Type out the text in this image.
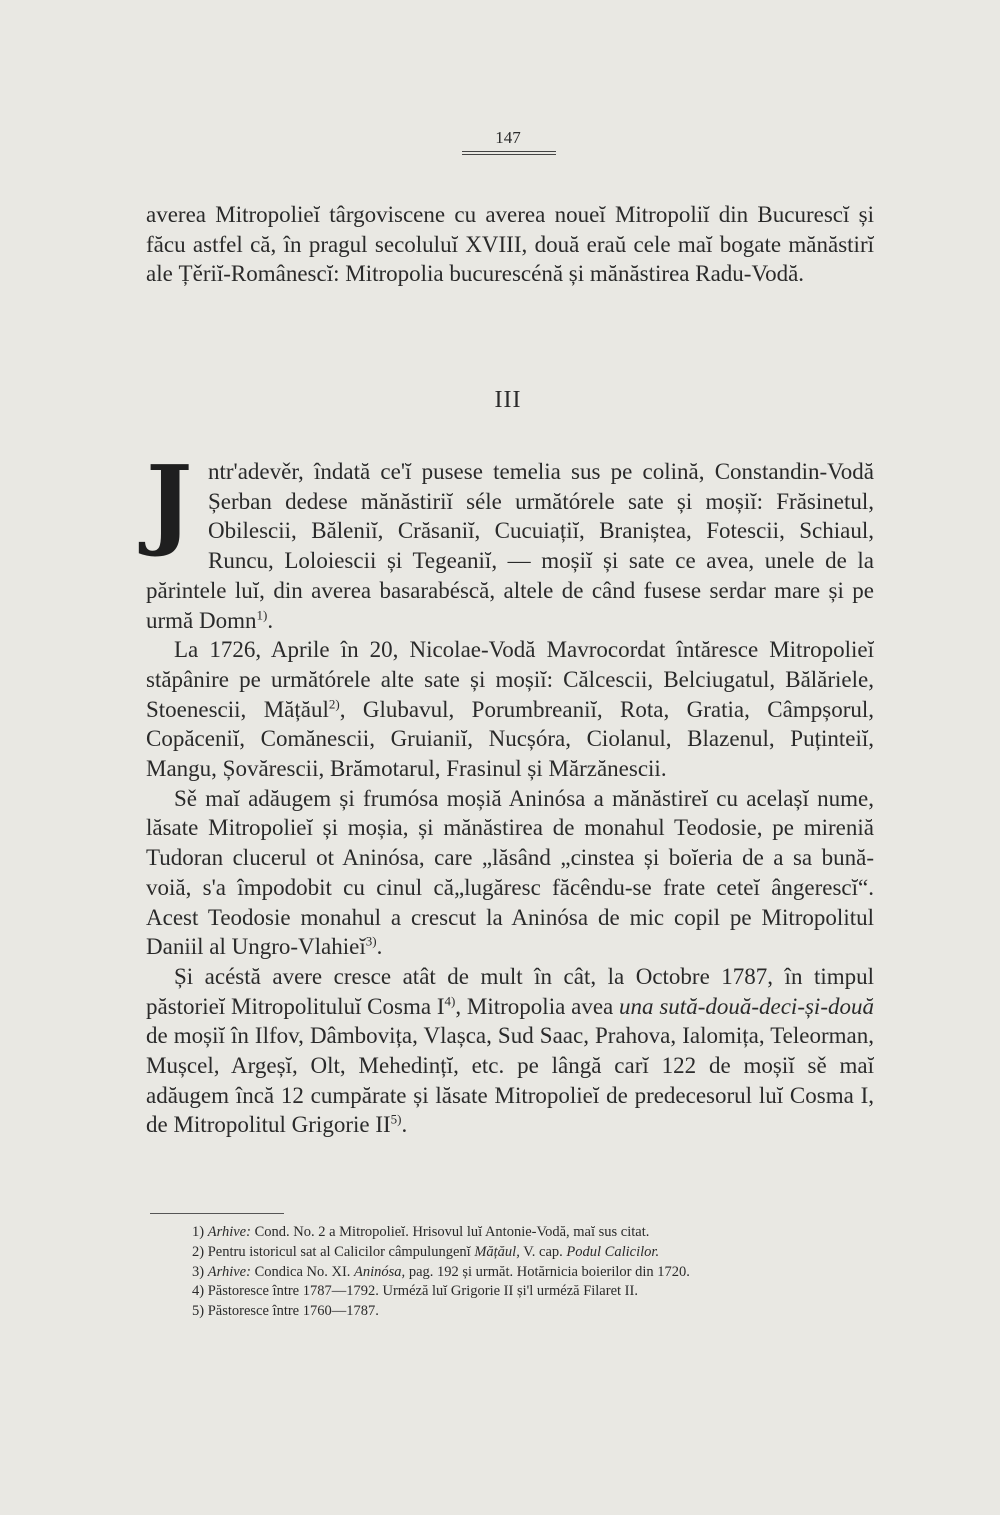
147

averea Mitropolieĭ târgoviscene cu averea noueĭ Mitropoliĭ din Bucurescĭ și făcu astfel că, în pragul secoluluĭ XVIII, două eraŭ cele maĭ bogate mănăstirĭ ale Țěriĭ-Românescĭ: Mitropolia bucurescénă și mănăstirea Radu-Vodă.

III

Jntr'adevěr, îndată ce'ĭ pusese temelia sus pe colină, Constandin-Vodă Șerban dedese mănăstiriĭ séle următórele sate și moșiĭ: Frăsinetul, Obilescii, Băleniĭ, Crăsaniĭ, Cucuiațiĭ, Braniștea, Fotescii, Schiaul, Runcu, Loloiescii și Tegeaniĭ, — moșiĭ și sate ce avea, unele de la părintele luĭ, din averea basarabéscă, altele de când fusese serdar mare și pe urmă Domn$^{1)}$.

La 1726, Aprile în 20, Nicolae-Vodă Mavrocordat întăresce Mitropolieĭ stăpânire pe următórele alte sate și moșiĭ: Călcescii, Belciugatul, Bălăriele, Stoenescii, Mățăul$^{2)}$, Glubavul, Porumbreaniĭ, Rota, Gratia, Câmpșorul, Copăceniĭ, Comănescii, Gruianiĭ, Nucșóra, Ciolanul, Blazenul, Puținteiĭ, Mangu, Șovărescii, Brămotarul, Frasinul și Mărzănescii.

Sě maĭ adăugem și frumósa moșiă Aninósa a mănăstireĭ cu acelașĭ nume, lăsate Mitropolieĭ și moșia, și mănăstirea de monahul Teodosie, pe mireniă Tudoran clucerul ot Aninósa, care „lăsând „cinstea și boĭeria de a sa bună-voiă, s'a împodobit cu cinul că„lugăresc făcêndu-se frate ceteĭ ângerescĭ“. Acest Teodosie monahul a crescut la Aninósa de mic copil pe Mitropolitul Daniil al Ungro-Vlahieĭ$^{3)}$.

Și acéstă avere cresce atât de mult în cât, la Octobre 1787, în timpul păstorieĭ Mitropolituluĭ Cosma $I^{4)}$, Mitropolia avea una sută-două-deci-și-două de moșiĭ în Ilfov, Dâmbovița, Vlașca, Sud Saac, Prahova, Ialomița, Teleorman, Mușcel, Argeșĭ, Olt, Mehedințĭ, etc. pe lângă carĭ 122 de moșiĭ sě maĭ adăugem încă 12 cumpărate și lăsate Mitropolieĭ de predecesorul luĭ Cosma I, de Mitropolitul Grigorie II$^{5)}$.

1) Arhive: Cond. No. 2 a Mitropolieĭ. Hrisovul luĭ Antonie-Vodă, maĭ sus citat.
2) Pentru istoricul sat al Calicilor câmpulungenĭ Mățăul, V. cap. Podul Calicilor.
3) Arhive: Condica No. XI. Aninósa, pag. 192 și următ. Hotărnicia boierilor din 1720.
4) Păstoresce între 1787—1792. Urméză luĭ Grigorie II și'l urméză Filaret II.
5) Păstoresce între 1760—1787.
